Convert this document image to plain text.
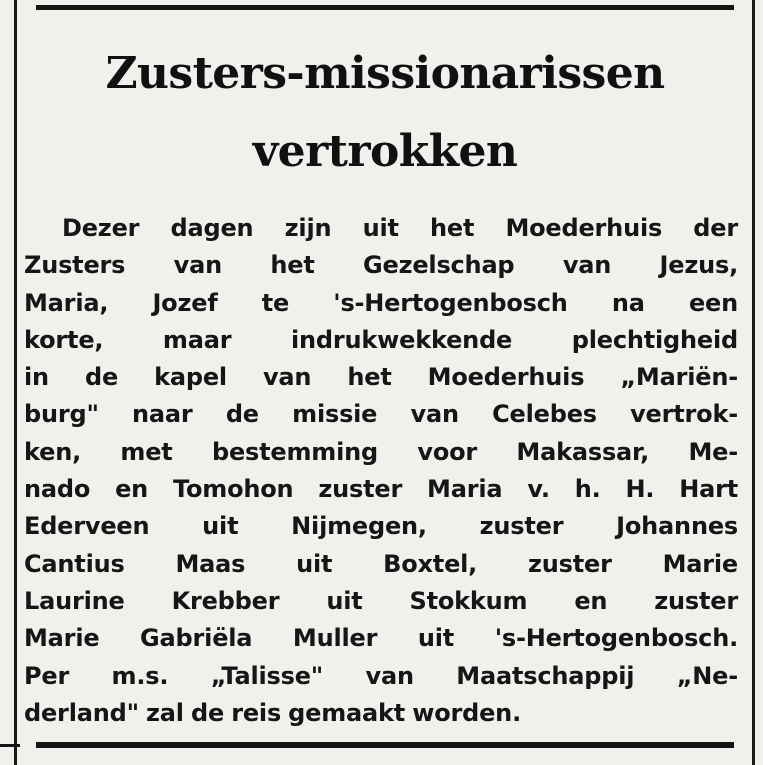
Zusters-missionarissen
vertrokken
Dezer dagen zijn uit het Moederhuis der
Zusters van het Gezelschap van Jezus,
Maria, Jozef te 's-Hertogenbosch na een
korte, maar indrukwekkende plechtigheid
in de kapel van het Moederhuis „Mariën-
burg" naar de missie van Celebes vertrok-
ken, met bestemming voor Makassar, Me-
nado en Tomohon zuster Maria v. h. H. Hart
Ederveen uit Nijmegen, zuster Johannes
Cantius Maas uit Boxtel, zuster Marie
Laurine Krebber uit Stokkum en zuster
Marie Gabriëla Muller uit 's-Hertogenbosch.
Per m.s. „Talisse" van Maatschappij „Ne-
derland" zal de reis gemaakt worden.
